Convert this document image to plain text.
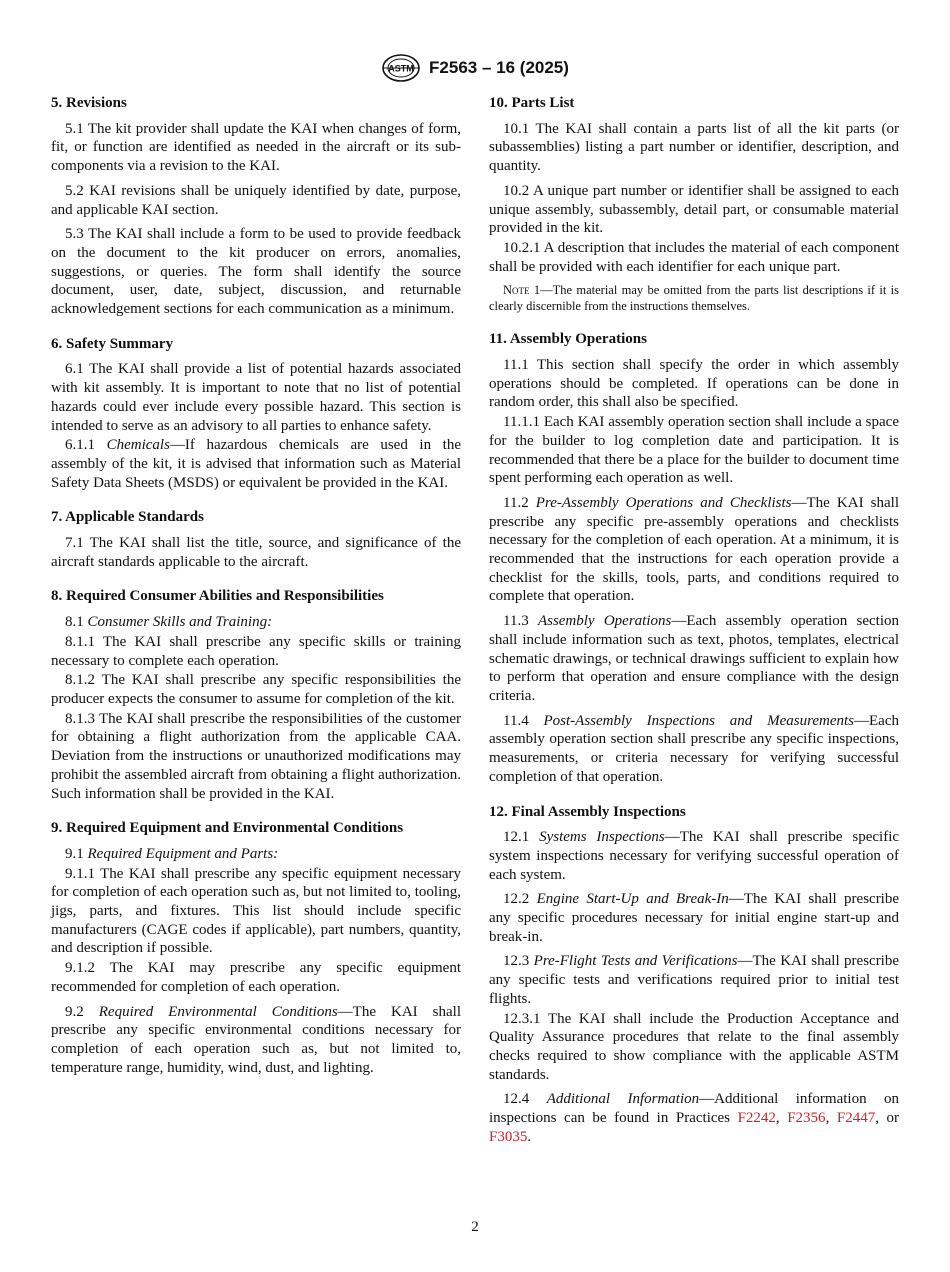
ASTM F2563 – 16 (2025)
5. Revisions

5.1 The kit provider shall update the KAI when changes of form, fit, or function are identified as needed in the aircraft or its sub-components via a revision to the KAI.

5.2 KAI revisions shall be uniquely identified by date, purpose, and applicable KAI section.

5.3 The KAI shall include a form to be used to provide feedback on the document to the kit producer on errors, anomalies, suggestions, or queries. The form shall identify the source document, user, date, subject, discussion, and returnable acknowledgement sections for each communication as a minimum.

6. Safety Summary

6.1 The KAI shall provide a list of potential hazards associated with kit assembly. It is important to note that no list of potential hazards could ever include every possible hazard. This section is intended to serve as an advisory to all parties to enhance safety.

6.1.1 Chemicals—If hazardous chemicals are used in the assembly of the kit, it is advised that information such as Material Safety Data Sheets (MSDS) or equivalent be provided in the KAI.

7. Applicable Standards

7.1 The KAI shall list the title, source, and significance of the aircraft standards applicable to the aircraft.

8. Required Consumer Abilities and Responsibilities

8.1 Consumer Skills and Training:

8.1.1 The KAI shall prescribe any specific skills or training necessary to complete each operation.

8.1.2 The KAI shall prescribe any specific responsibilities the producer expects the consumer to assume for completion of the kit.

8.1.3 The KAI shall prescribe the responsibilities of the customer for obtaining a flight authorization from the applicable CAA. Deviation from the instructions or unauthorized modifications may prohibit the assembled aircraft from obtaining a flight authorization. Such information shall be provided in the KAI.

9. Required Equipment and Environmental Conditions

9.1 Required Equipment and Parts:

9.1.1 The KAI shall prescribe any specific equipment necessary for completion of each operation such as, but not limited to, tooling, jigs, parts, and fixtures. This list should include specific manufacturers (CAGE codes if applicable), part numbers, quantity, and description if possible.

9.1.2 The KAI may prescribe any specific equipment recommended for completion of each operation.

9.2 Required Environmental Conditions—The KAI shall prescribe any specific environmental conditions necessary for completion of each operation such as, but not limited to, temperature range, humidity, wind, dust, and lighting.

10. Parts List

10.1 The KAI shall contain a parts list of all the kit parts (or subassemblies) listing a part number or identifier, description, and quantity.

10.2 A unique part number or identifier shall be assigned to each unique assembly, subassembly, detail part, or consumable material provided in the kit.

10.2.1 A description that includes the material of each component shall be provided with each identifier for each unique part.

Note 1—The material may be omitted from the parts list descriptions if it is clearly discernible from the instructions themselves.

11. Assembly Operations

11.1 This section shall specify the order in which assembly operations should be completed. If operations can be done in random order, this shall also be specified.

11.1.1 Each KAI assembly operation section shall include a space for the builder to log completion date and participation. It is recommended that there be a place for the builder to document time spent performing each operation as well.

11.2 Pre-Assembly Operations and Checklists—The KAI shall prescribe any specific pre-assembly operations and checklists necessary for the completion of each operation. At a minimum, it is recommended that the instructions for each operation provide a checklist for the skills, tools, parts, and conditions required to complete that operation.

11.3 Assembly Operations—Each assembly operation section shall include information such as text, photos, templates, electrical schematic drawings, or technical drawings sufficient to explain how to perform that operation and ensure compliance with the design criteria.

11.4 Post-Assembly Inspections and Measurements—Each assembly operation section shall prescribe any specific inspections, measurements, or criteria necessary for verifying successful completion of that operation.

12. Final Assembly Inspections

12.1 Systems Inspections—The KAI shall prescribe specific system inspections necessary for verifying successful operation of each system.

12.2 Engine Start-Up and Break-In—The KAI shall prescribe any specific procedures necessary for initial engine start-up and break-in.

12.3 Pre-Flight Tests and Verifications—The KAI shall prescribe any specific tests and verifications required prior to initial test flights.

12.3.1 The KAI shall include the Production Acceptance and Quality Assurance procedures that relate to the final assembly checks required to show compliance with the applicable ASTM standards.

12.4 Additional Information—Additional information on inspections can be found in Practices F2242, F2356, F2447, or F3035.

2
